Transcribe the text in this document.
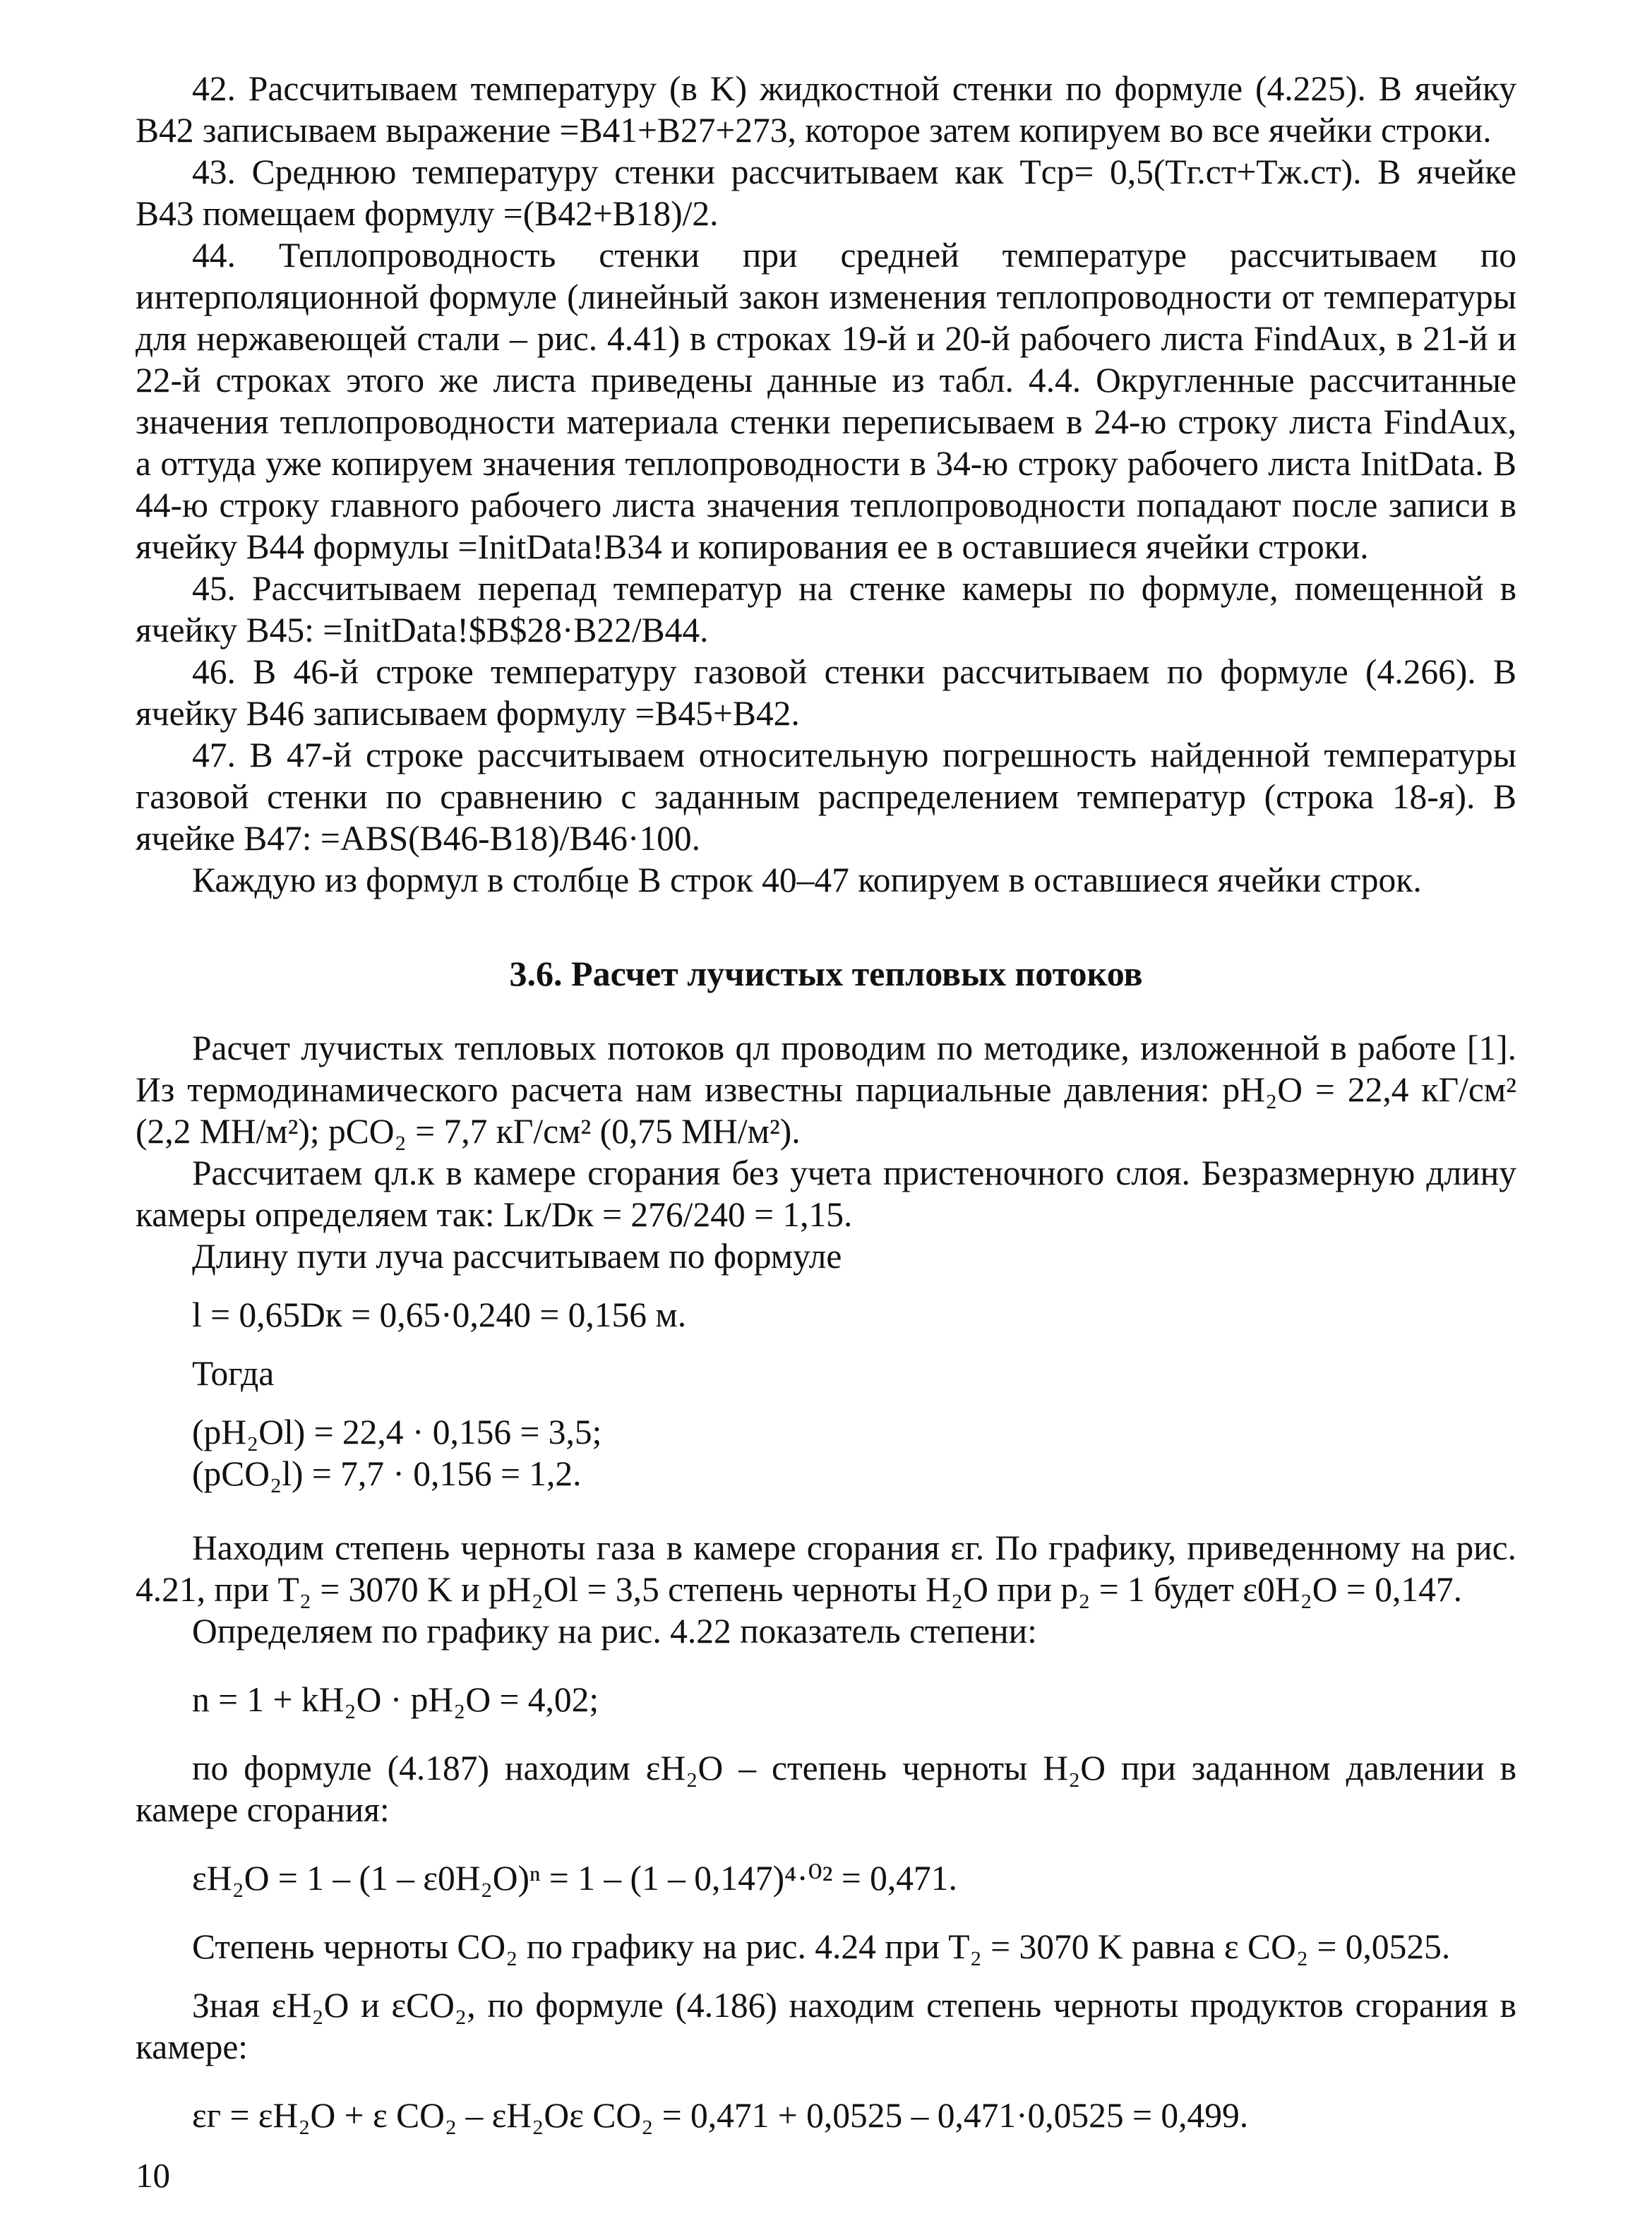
42. Рассчитываем температуру (в K) жидкостной стенки по формуле (4.225). В ячейку B42 записываем выражение =B41+B27+273, которое затем копируем во все ячейки строки.

43. Среднюю температуру стенки рассчитываем как Tср= 0,5(Tг.ст+Tж.ст). В ячейке B43 помещаем формулу =(B42+B18)/2.

44. Теплопроводность стенки при средней температуре рассчитываем по интерполяционной формуле (линейный закон изменения теплопроводности от температуры для нержавеющей стали – рис. 4.41) в строках 19-й и 20-й рабочего листа FindAux, в 21-й и 22-й строках этого же листа приведены данные из табл. 4.4. Округленные рассчитанные значения теплопроводности материала стенки переписываем в 24-ю строку листа FindAux, а оттуда уже копируем значения теплопроводности в 34-ю строку рабочего листа InitData. В 44-ю строку главного рабочего листа значения теплопроводности попадают после записи в ячейку B44 формулы =InitData!B34 и копирования ее в оставшиеся ячейки строки.

45. Рассчитываем перепад температур на стенке камеры по формуле, помещенной в ячейку B45: =InitData!$B$28·B22/B44.

46. В 46-й строке температуру газовой стенки рассчитываем по формуле (4.266). В ячейку B46 записываем формулу =B45+B42.

47. В 47-й строке рассчитываем относительную погрешность найденной температуры газовой стенки по сравнению с заданным распределением температур (строка 18-я). В ячейке B47: =ABS(B46-B18)/B46·100.

Каждую из формул в столбце B строк 40–47 копируем в оставшиеся ячейки строк.

3.6. Расчет лучистых тепловых потоков

Расчет лучистых тепловых потоков qл проводим по методике, изложенной в работе [1]. Из термодинамического расчета нам известны парциальные давления: pH₂O = 22,4 кГ/см² (2,2 МН/м²); pCO₂ = 7,7 кГ/см² (0,75 МН/м²).

Рассчитаем qл.к в камере сгорания без учета пристеночного слоя. Безразмерную длину камеры определяем так: Lк/Dк = 276/240 = 1,15.

Длину пути луча рассчитываем по формуле

l = 0,65Dк = 0,65·0,240 = 0,156 м.

Тогда

(pH₂Ol) = 22,4 · 0,156 = 3,5;

(pCO₂l) = 7,7 · 0,156 = 1,2.

Находим степень черноты газа в камере сгорания εг. По графику, приведенному на рис. 4.21, при T₂ = 3070 K и pH₂Ol = 3,5 степень черноты H₂O при p₂ = 1 будет ε0H₂O = 0,147.

Определяем по графику на рис. 4.22 показатель степени:

n = 1 + kH₂O · pH₂O = 4,02;

по формуле (4.187) находим εH₂O – степень черноты H₂O при заданном давлении в камере сгорания:

εH₂O = 1 – (1 – ε0H₂O)ⁿ = 1 – (1 – 0,147)⁴·⁰² = 0,471.

Степень черноты CO₂ по графику на рис. 4.24 при T₂ = 3070 K равна ε CO₂ = 0,0525.

Зная εH₂O и εCO₂, по формуле (4.186) находим степень черноты продуктов сгорания в камере:

εг = εH₂O + ε CO₂ – εH₂Oε CO₂ = 0,471 + 0,0525 – 0,471·0,0525 = 0,499.

10
